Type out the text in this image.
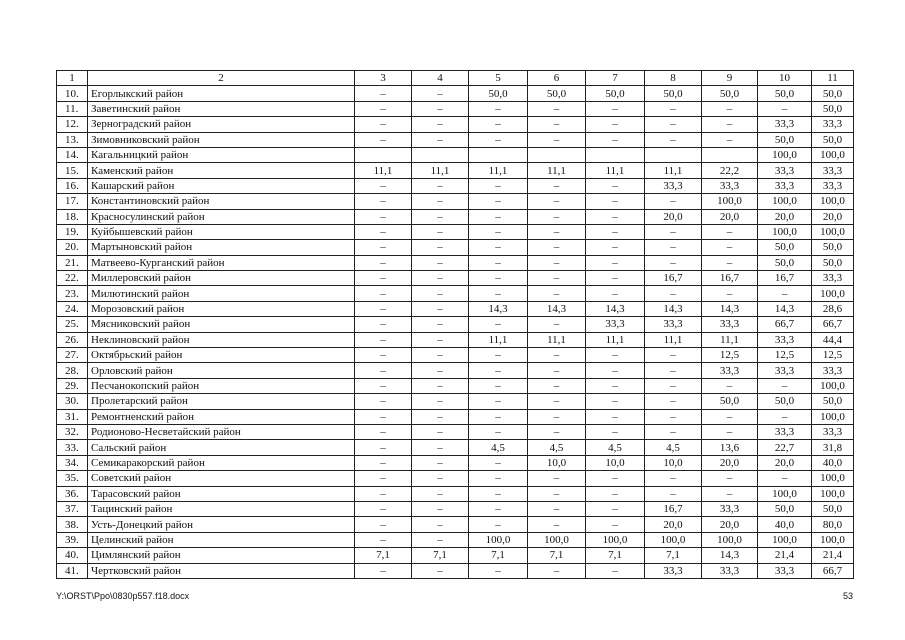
1	2	3	4	5	6	7	8	9	10	11
10.	Егорлыкский район	–	–	50,0	50,0	50,0	50,0	50,0	50,0	50,0
11.	Заветинский район	–	–	–	–	–	–	–	–	50,0
12.	Зерноградский район	–	–	–	–	–	–	–	33,3	33,3
13.	Зимовниковский район	–	–	–	–	–	–	–	50,0	50,0
14.	Кагальницкий район								100,0	100,0
15.	Каменский район	11,1	11,1	11,1	11,1	11,1	11,1	22,2	33,3	33,3
16.	Кашарский район	–	–	–	–	–	33,3	33,3	33,3	33,3
17.	Константиновский район	–	–	–	–	–	–	100,0	100,0	100,0
18.	Красносулинский район	–	–	–	–	–	20,0	20,0	20,0	20,0
19.	Куйбышевский район	–	–	–	–	–	–	–	100,0	100,0
20.	Мартыновский район	–	–	–	–	–	–	–	50,0	50,0
21.	Матвеево-Курганский район	–	–	–	–	–	–	–	50,0	50,0
22.	Миллеровский район	–	–	–	–	–	16,7	16,7	16,7	33,3
23.	Милютинский район	–	–	–	–	–	–	–	–	100,0
24.	Морозовский район	–	–	14,3	14,3	14,3	14,3	14,3	14,3	28,6
25.	Мясниковский район	–	–	–	–	33,3	33,3	33,3	66,7	66,7
26.	Неклиновский район	–	–	11,1	11,1	11,1	11,1	11,1	33,3	44,4
27.	Октябрьский район	–	–	–	–	–	–	12,5	12,5	12,5
28.	Орловский район	–	–	–	–	–	–	33,3	33,3	33,3
29.	Песчанокопский район	–	–	–	–	–	–	–	–	100,0
30.	Пролетарский район	–	–	–	–	–	–	50,0	50,0	50,0
31.	Ремонтненский район	–	–	–	–	–	–	–	–	100,0
32.	Родионово-Несветайский район	–	–	–	–	–	–	–	33,3	33,3
33.	Сальский район	–	–	4,5	4,5	4,5	4,5	13,6	22,7	31,8
34.	Семикаракорский район	–	–	–	10,0	10,0	10,0	20,0	20,0	40,0
35.	Советский район	–	–	–	–	–	–	–	–	100,0
36.	Тарасовский район	–	–	–	–	–	–	–	100,0	100,0
37.	Тацинский район	–	–	–	–	–	16,7	33,3	50,0	50,0
38.	Усть-Донецкий район	–	–	–	–	–	20,0	20,0	40,0	80,0
39.	Целинский район	–	–	100,0	100,0	100,0	100,0	100,0	100,0	100,0
40.	Цимлянский район	7,1	7,1	7,1	7,1	7,1	7,1	14,3	21,4	21,4
41.	Чертковский район	–	–	–	–	–	33,3	33,3	33,3	66,7
Y:\ORST\Ppo\0830p557.f18.docx	53
